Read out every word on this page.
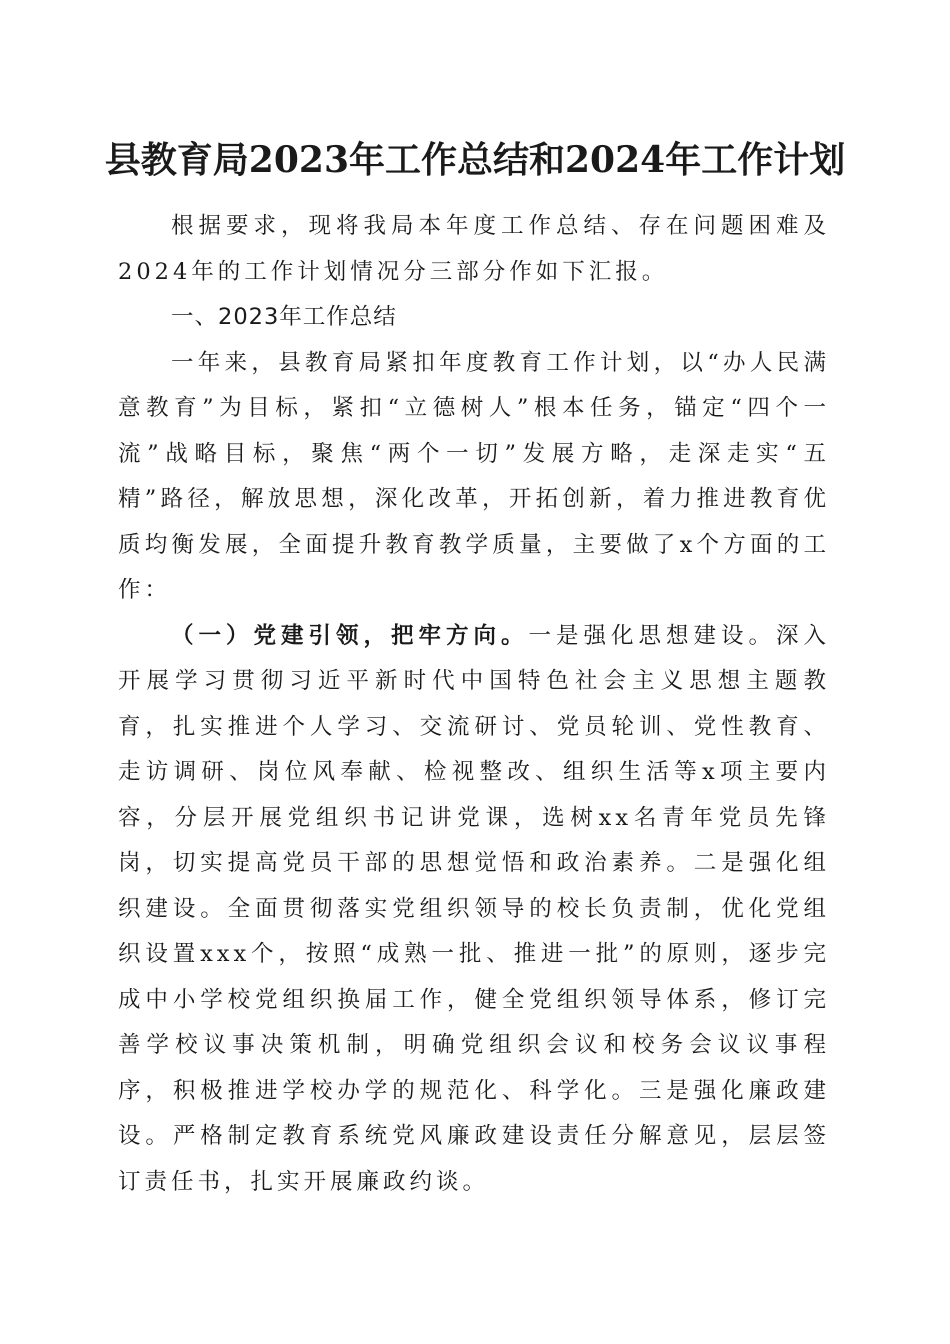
县教育局2023年工作总结和2024年工作计划

根据要求，现将我局本年度工作总结、存在问题困难及2024年的工作计划情况分三部分作如下汇报。

一、2023年工作总结

一年来，县教育局紧扣年度教育工作计划，以“办人民满意教育”为目标，紧扣“立德树人”根本任务，锚定“四个一流”战略目标，聚焦“两个一切”发展方略，走深走实“五精”路径，解放思想，深化改革，开拓创新，着力推进教育优质均衡发展，全面提升教育教学质量，主要做了x个方面的工作：

（一）党建引领，把牢方向。一是强化思想建设。深入开展学习贯彻习近平新时代中国特色社会主义思想主题教育，扎实推进个人学习、交流研讨、党员轮训、党性教育、走访调研、岗位风奉献、检视整改、组织生活等x项主要内容，分层开展党组织书记讲党课，选树xx名青年党员先锋岗，切实提高党员干部的思想觉悟和政治素养。二是强化组织建设。全面贯彻落实党组织领导的校长负责制，优化党组织设置xxx个，按照“成熟一批、推进一批”的原则，逐步完成中小学校党组织换届工作，健全党组织领导体系，修订完善学校议事决策机制，明确党组织会议和校务会议议事程序，积极推进学校办学的规范化、科学化。三是强化廉政建设。严格制定教育系统党风廉政建设责任分解意见，层层签订责任书，扎实开展廉政约谈。
